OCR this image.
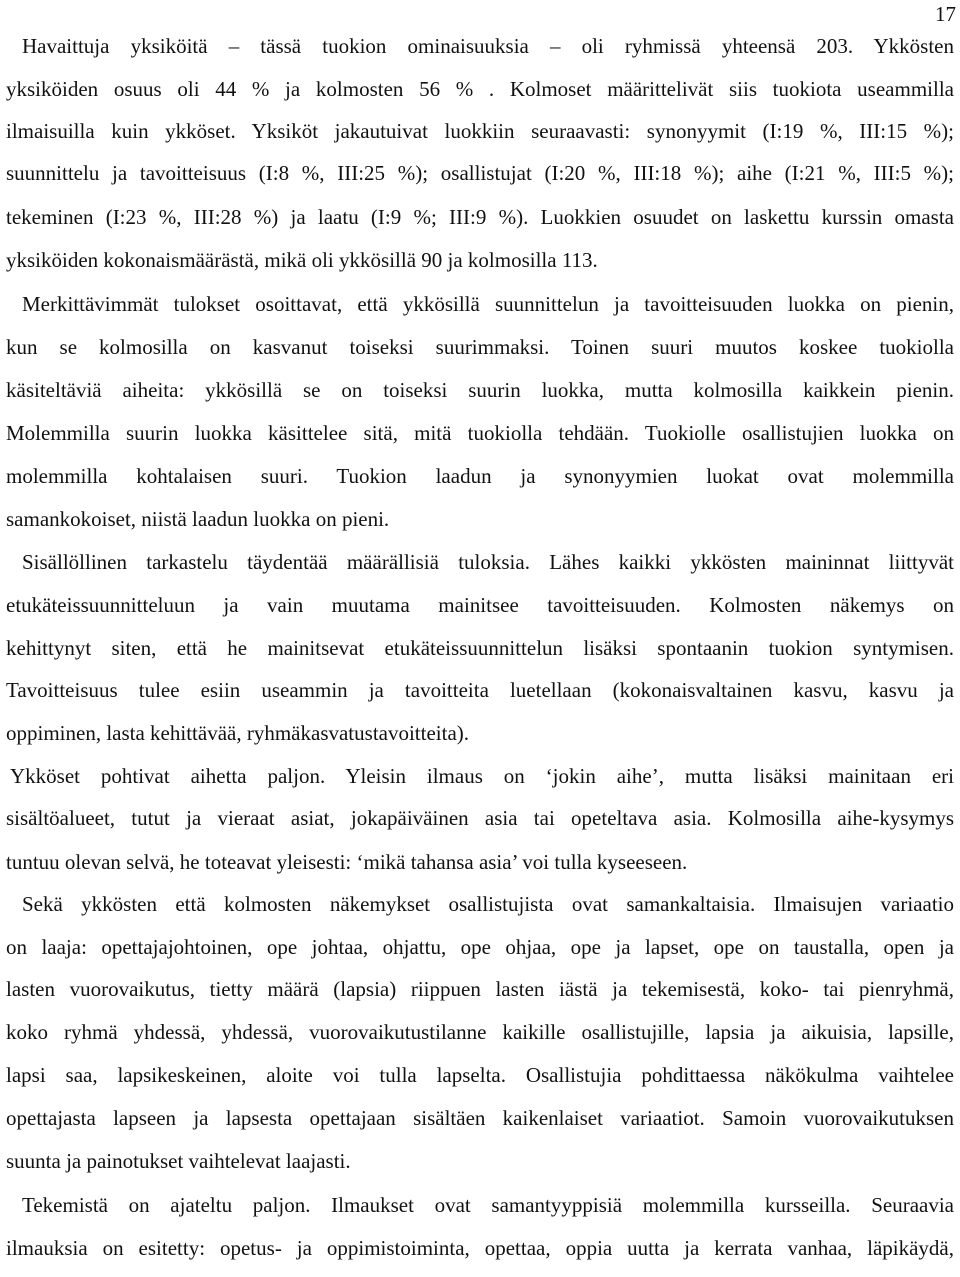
17
Havaittuja yksiköitä – tässä tuokion ominaisuuksia – oli ryhmissä yhteensä 203. Ykkösten
yksiköiden osuus oli 44 % ja kolmosten 56 % . Kolmoset määrittelivät siis tuokiota useammilla
ilmaisuilla kuin ykköset. Yksiköt jakautuivat luokkiin seuraavasti: synonyymit (I:19 %, III:15 %);
suunnittelu ja tavoitteisuus (I:8 %, III:25 %); osallistujat (I:20 %, III:18 %); aihe (I:21 %, III:5 %);
tekeminen (I:23 %, III:28 %) ja laatu (I:9 %; III:9 %). Luokkien osuudet on laskettu kurssin omasta
yksiköiden kokonaismäärästä, mikä oli ykkösillä 90 ja kolmosilla 113.
Merkittävimmät tulokset osoittavat, että ykkösillä suunnittelun ja tavoitteisuuden luokka on pienin,
kun se kolmosilla on kasvanut toiseksi suurimmaksi. Toinen suuri muutos koskee tuokiolla
käsiteltäviä aiheita: ykkösillä se on toiseksi suurin luokka, mutta kolmosilla kaikkein pienin.
Molemmilla suurin luokka käsittelee sitä, mitä tuokiolla tehdään. Tuokiolle osallistujien luokka on
molemmilla kohtalaisen suuri. Tuokion laadun ja synonyymien luokat ovat molemmilla
samankokoiset, niistä laadun luokka on pieni.
Sisällöllinen tarkastelu täydentää määrällisiä tuloksia. Lähes kaikki ykkösten maininnat liittyvät
etukäteissuunnitteluun ja vain muutama mainitsee tavoitteisuuden. Kolmosten näkemys on
kehittynyt siten, että he mainitsevat etukäteissuunnittelun lisäksi spontaanin tuokion syntymisen.
Tavoitteisuus tulee esiin useammin ja tavoitteita luetellaan (kokonaisvaltainen kasvu, kasvu ja
oppiminen, lasta kehittävää, ryhmäkasvatustavoitteita).
Ykköset pohtivat aihetta paljon. Yleisin ilmaus on ‘jokin aihe’, mutta lisäksi mainitaan eri
sisältöalueet, tutut ja vieraat asiat, jokapäiväinen asia tai opeteltava asia. Kolmosilla aihe-kysymys
tuntuu olevan selvä, he toteavat yleisesti: ‘mikä tahansa asia’ voi tulla kyseeseen.
Sekä ykkösten että kolmosten näkemykset osallistujista ovat samankaltaisia. Ilmaisujen variaatio
on laaja: opettajajohtoinen, ope johtaa, ohjattu, ope ohjaa, ope ja lapset, ope on taustalla, open ja
lasten vuorovaikutus, tietty määrä (lapsia) riippuen lasten iästä ja tekemisestä, koko- tai pienryhmä,
koko ryhmä yhdessä, yhdessä, vuorovaikutustilanne kaikille osallistujille, lapsia ja aikuisia, lapsille,
lapsi saa, lapsikeskeinen, aloite voi tulla lapselta. Osallistujia pohdittaessa näkökulma vaihtelee
opettajasta lapseen ja lapsesta opettajaan sisältäen kaikenlaiset variaatiot. Samoin vuorovaikutuksen
suunta ja painotukset vaihtelevat laajasti.
Tekemistä on ajateltu paljon. Ilmaukset ovat samantyyppisiä molemmilla kursseilla. Seuraavia
ilmauksia on esitetty: opetus- ja oppimistoiminta, opettaa, oppia uutta ja kerrata vanhaa, läpikäydä,
